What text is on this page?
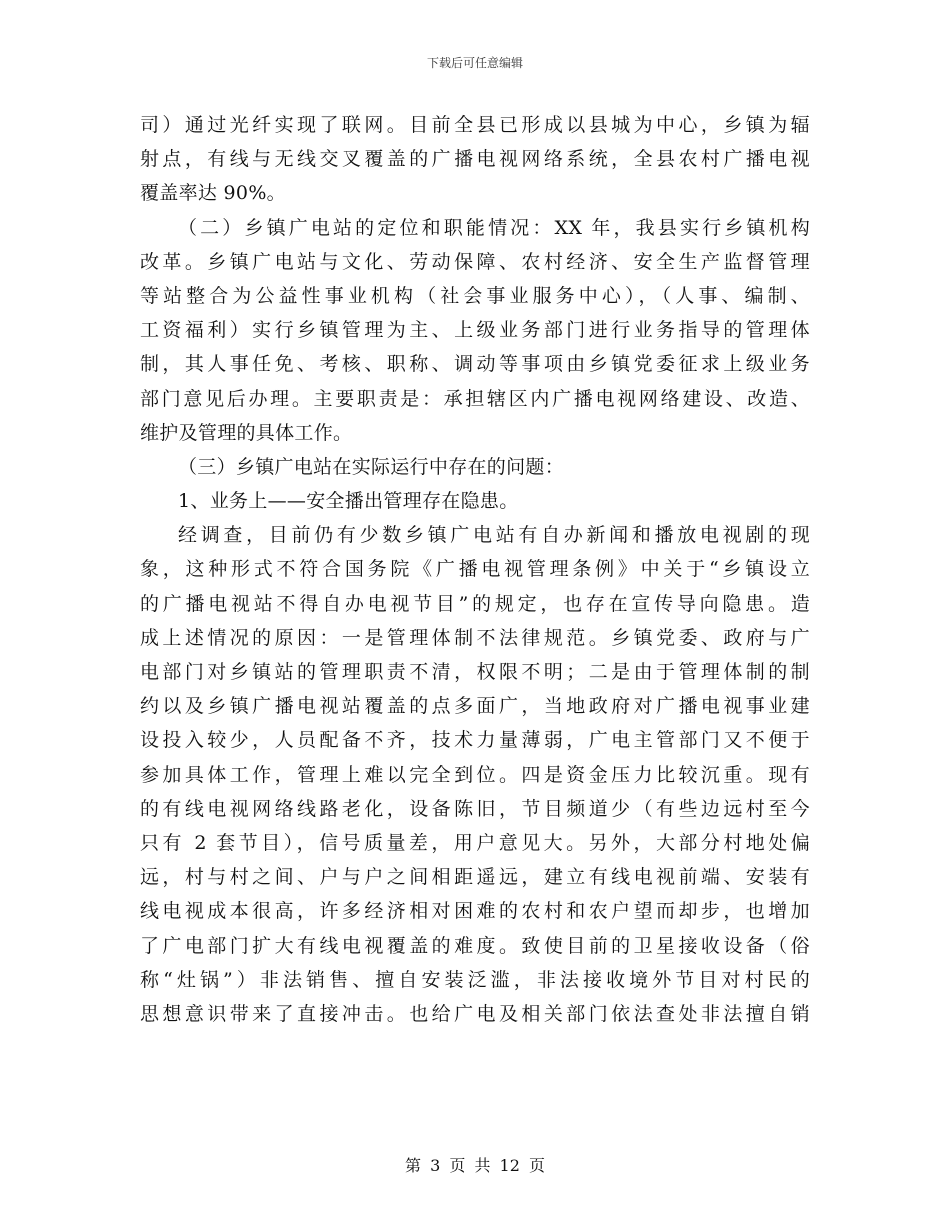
下载后可任意编辑
司）通过光纤实现了联网。目前全县已形成以县城为中心，乡镇为辐
射点，有线与无线交叉覆盖的广播电视网络系统，全县农村广播电视
覆盖率达 90%。
（二）乡镇广电站的定位和职能情况：XX 年，我县实行乡镇机构
改革。乡镇广电站与文化、劳动保障、农村经济、安全生产监督管理
等站整合为公益性事业机构（社会事业服务中心），（人事、编制、
工资福利）实行乡镇管理为主、上级业务部门进行业务指导的管理体
制，其人事任免、考核、职称、调动等事项由乡镇党委征求上级业务
部门意见后办理。主要职责是：承担辖区内广播电视网络建设、改造、
维护及管理的具体工作。
（三）乡镇广电站在实际运行中存在的问题：
1、业务上——安全播出管理存在隐患。
经调查，目前仍有少数乡镇广电站有自办新闻和播放电视剧的现
象，这种形式不符合国务院《广播电视管理条例》中关于“乡镇设立
的广播电视站不得自办电视节目”的规定，也存在宣传导向隐患。造
成上述情况的原因：一是管理体制不法律规范。乡镇党委、政府与广
电部门对乡镇站的管理职责不清，权限不明；二是由于管理体制的制
约以及乡镇广播电视站覆盖的点多面广，当地政府对广播电视事业建
设投入较少，人员配备不齐，技术力量薄弱，广电主管部门又不便于
参加具体工作，管理上难以完全到位。四是资金压力比较沉重。现有
的有线电视网络线路老化，设备陈旧，节目频道少（有些边远村至今
只有 2 套节目），信号质量差，用户意见大。另外，大部分村地处偏
远，村与村之间、户与户之间相距遥远，建立有线电视前端、安装有
线电视成本很高，许多经济相对困难的农村和农户望而却步，也增加
了广电部门扩大有线电视覆盖的难度。致使目前的卫星接收设备（俗
称“灶锅”）非法销售、擅自安装泛滥，非法接收境外节目对村民的
思想意识带来了直接冲击。也给广电及相关部门依法查处非法擅自销
第 3 页 共 12 页
